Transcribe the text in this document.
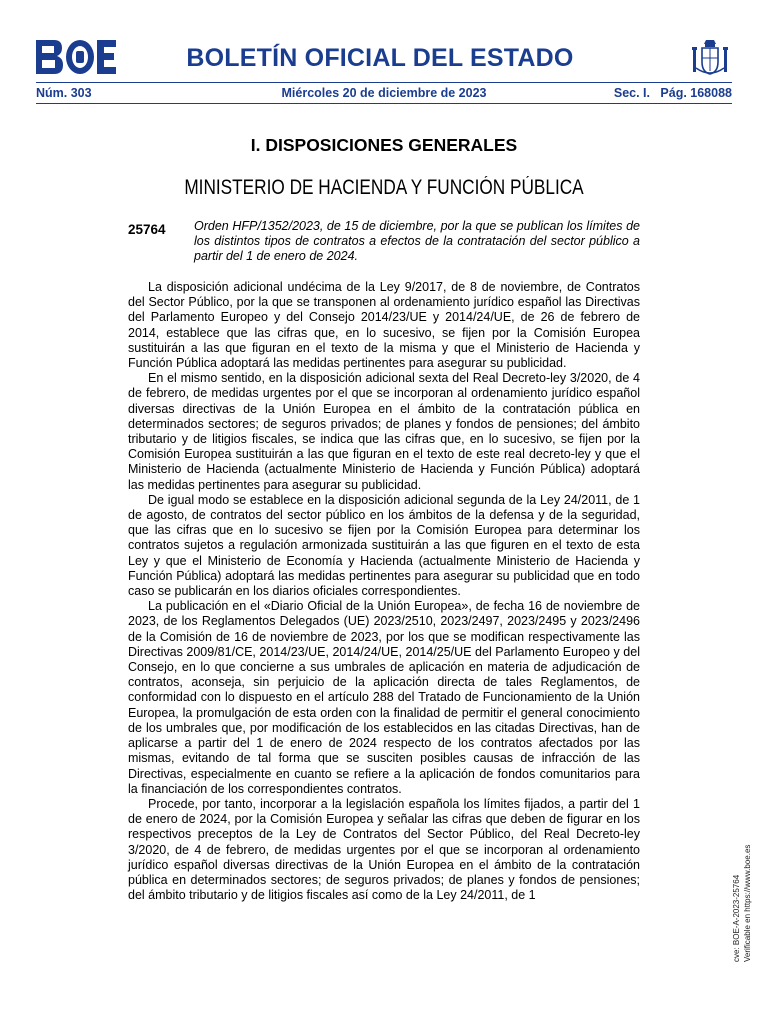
BOLETÍN OFICIAL DEL ESTADO
Núm. 303	Miércoles 20 de diciembre de 2023	Sec. I.   Pág. 168088
I. DISPOSICIONES GENERALES
MINISTERIO DE HACIENDA Y FUNCIÓN PÚBLICA
25764 Orden HFP/1352/2023, de 15 de diciembre, por la que se publican los límites de los distintos tipos de contratos a efectos de la contratación del sector público a partir del 1 de enero de 2024.

La disposición adicional undécima de la Ley 9/2017, de 8 de noviembre, de Contratos del Sector Público, por la que se transponen al ordenamiento jurídico español las Directivas del Parlamento Europeo y del Consejo 2014/23/UE y 2014/24/UE, de 26 de febrero de 2014, establece que las cifras que, en lo sucesivo, se fijen por la Comisión Europea sustituirán a las que figuran en el texto de la misma y que el Ministerio de Hacienda y Función Pública adoptará las medidas pertinentes para asegurar su publicidad.

En el mismo sentido, en la disposición adicional sexta del Real Decreto-ley 3/2020, de 4 de febrero, de medidas urgentes por el que se incorporan al ordenamiento jurídico español diversas directivas de la Unión Europea en el ámbito de la contratación pública en determinados sectores; de seguros privados; de planes y fondos de pensiones; del ámbito tributario y de litigios fiscales, se indica que las cifras que, en lo sucesivo, se fijen por la Comisión Europea sustituirán a las que figuran en el texto de este real decreto-ley y que el Ministerio de Hacienda (actualmente Ministerio de Hacienda y Función Pública) adoptará las medidas pertinentes para asegurar su publicidad.

De igual modo se establece en la disposición adicional segunda de la Ley 24/2011, de 1 de agosto, de contratos del sector público en los ámbitos de la defensa y de la seguridad, que las cifras que en lo sucesivo se fijen por la Comisión Europea para determinar los contratos sujetos a regulación armonizada sustituirán a las que figuren en el texto de esta Ley y que el Ministerio de Economía y Hacienda (actualmente Ministerio de Hacienda y Función Pública) adoptará las medidas pertinentes para asegurar su publicidad que en todo caso se publicarán en los diarios oficiales correspondientes.

La publicación en el «Diario Oficial de la Unión Europea», de fecha 16 de noviembre de 2023, de los Reglamentos Delegados (UE) 2023/2510, 2023/2497, 2023/2495 y 2023/2496 de la Comisión de 16 de noviembre de 2023, por los que se modifican respectivamente las Directivas 2009/81/CE, 2014/23/UE, 2014/24/UE, 2014/25/UE del Parlamento Europeo y del Consejo, en lo que concierne a sus umbrales de aplicación en materia de adjudicación de contratos, aconseja, sin perjuicio de la aplicación directa de tales Reglamentos, de conformidad con lo dispuesto en el artículo 288 del Tratado de Funcionamiento de la Unión Europea, la promulgación de esta orden con la finalidad de permitir el general conocimiento de los umbrales que, por modificación de los establecidos en las citadas Directivas, han de aplicarse a partir del 1 de enero de 2024 respecto de los contratos afectados por las mismas, evitando de tal forma que se susciten posibles causas de infracción de las Directivas, especialmente en cuanto se refiere a la aplicación de fondos comunitarios para la financiación de los correspondientes contratos.

Procede, por tanto, incorporar a la legislación española los límites fijados, a partir del 1 de enero de 2024, por la Comisión Europea y señalar las cifras que deben de figurar en los respectivos preceptos de la Ley de Contratos del Sector Público, del Real Decreto-ley 3/2020, de 4 de febrero, de medidas urgentes por el que se incorporan al ordenamiento jurídico español diversas directivas de la Unión Europea en el ámbito de la contratación pública en determinados sectores; de seguros privados; de planes y fondos de pensiones; del ámbito tributario y de litigios fiscales así como de la Ley 24/2011, de 1	cve: BOE-A-2023-25764 Verificable en https://www.boe.es
